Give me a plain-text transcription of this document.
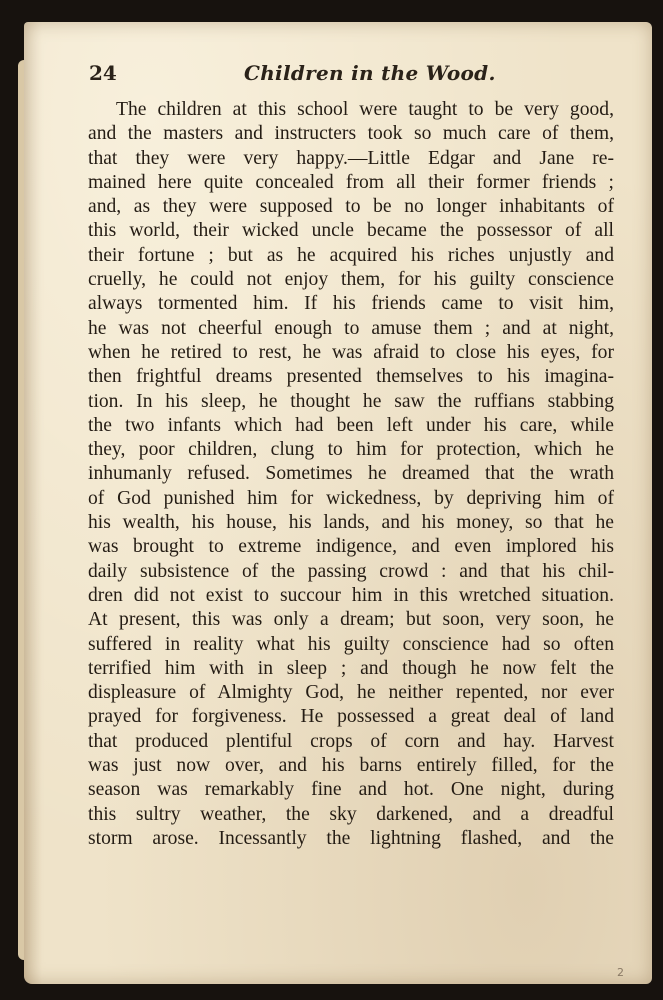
24	Children in the Wood.
The children at this school were taught to be very good,
and the masters and instructers took so much care of them,
that they were very happy.—Little Edgar and Jane re-
mained here quite concealed from all their former friends ;
and, as they were supposed to be no longer inhabitants of
this world, their wicked uncle became the possessor of all
their fortune ; but as he acquired his riches unjustly and
cruelly, he could not enjoy them, for his guilty conscience
always tormented him. If his friends came to visit him,
he was not cheerful enough to amuse them ; and at night,
when he retired to rest, he was afraid to close his eyes, for
then frightful dreams presented themselves to his imagina-
tion. In his sleep, he thought he saw the ruffians stabbing
the two infants which had been left under his care, while
they, poor children, clung to him for protection, which he
inhumanly refused. Sometimes he dreamed that the wrath
of God punished him for wickedness, by depriving him of
his wealth, his house, his lands, and his money, so that he
was brought to extreme indigence, and even implored his
daily subsistence of the passing crowd : and that his chil-
dren did not exist to succour him in this wretched situation.
At present, this was only a dream; but soon, very soon, he
suffered in reality what his guilty conscience had so often
terrified him with in sleep ; and though he now felt the
displeasure of Almighty God, he neither repented, nor ever
prayed for forgiveness. He possessed a great deal of land
that produced plentiful crops of corn and hay. Harvest
was just now over, and his barns entirely filled, for the
season was remarkably fine and hot. One night, during
this sultry weather, the sky darkened, and a dreadful
storm arose. Incessantly the lightning flashed, and the
2
